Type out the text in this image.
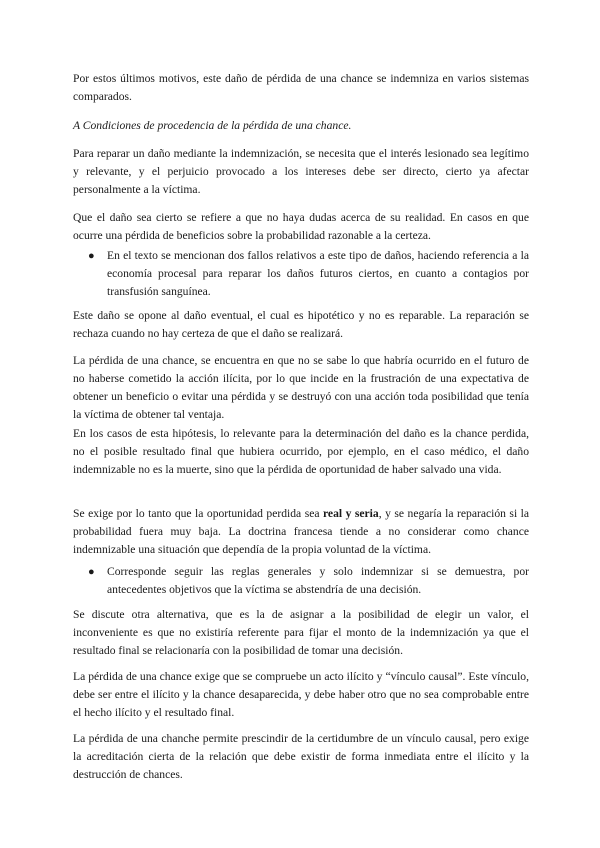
Por estos últimos motivos, este daño de pérdida de una chance se indemniza en varios sistemas comparados.

A Condiciones de procedencia de la pérdida de una chance.

Para reparar un daño mediante la indemnización, se necesita que el interés lesionado sea legítimo y relevante, y el perjuicio provocado a los intereses debe ser directo, cierto ya afectar personalmente a la víctima.

Que el daño sea cierto se refiere a que no haya dudas acerca de su realidad. En casos en que ocurre una pérdida de beneficios sobre la probabilidad razonable a la certeza.

● En el texto se mencionan dos fallos relativos a este tipo de daños, haciendo referencia a la economía procesal para reparar los daños futuros ciertos, en cuanto a contagios por transfusión sanguínea.

Este daño se opone al daño eventual, el cual es hipotético y no es reparable. La reparación se rechaza cuando no hay certeza de que el daño se realizará.

La pérdida de una chance, se encuentra en que no se sabe lo que habría ocurrido en el futuro de no haberse cometido la acción ilícita, por lo que incide en la frustración de una expectativa de obtener un beneficio o evitar una pérdida y se destruyó con una acción toda posibilidad que tenía la víctima de obtener tal ventaja.

En los casos de esta hipótesis, lo relevante para la determinación del daño es la chance perdida, no el posible resultado final que hubiera ocurrido, por ejemplo, en el caso médico, el daño indemnizable no es la muerte, sino que la pérdida de oportunidad de haber salvado una vida.

Se exige por lo tanto que la oportunidad perdida sea real y seria, y se negaría la reparación si la probabilidad fuera muy baja. La doctrina francesa tiende a no considerar como chance indemnizable una situación que dependía de la propia voluntad de la víctima.

● Corresponde seguir las reglas generales y solo indemnizar si se demuestra, por antecedentes objetivos que la víctima se abstendría de una decisión.

Se discute otra alternativa, que es la de asignar a la posibilidad de elegir un valor, el inconveniente es que no existiría referente para fijar el monto de la indemnización ya que el resultado final se relacionaría con la posibilidad de tomar una decisión.

La pérdida de una chance exige que se compruebe un acto ilícito y “vínculo causal”. Este vínculo, debe ser entre el ilícito y la chance desaparecida, y debe haber otro que no sea comprobable entre el hecho ilícito y el resultado final.

La pérdida de una chanche permite prescindir de la certidumbre de un vínculo causal, pero exige la acreditación cierta de la relación que debe existir de forma inmediata entre el ilícito y la destrucción de chances.
